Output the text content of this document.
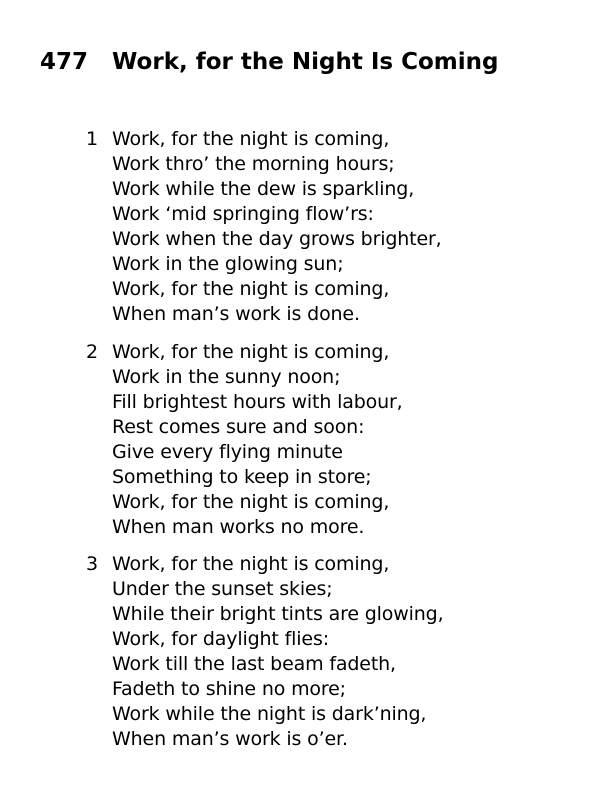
477 Work, for the Night Is Coming
1 Work, for the night is coming,
Work thro’ the morning hours;
Work while the dew is sparkling,
Work ‘mid springing flow’rs:
Work when the day grows brighter,
Work in the glowing sun;
Work, for the night is coming,
When man’s work is done.
2 Work, for the night is coming,
Work in the sunny noon;
Fill brightest hours with labour,
Rest comes sure and soon:
Give every flying minute
Something to keep in store;
Work, for the night is coming,
When man works no more.
3 Work, for the night is coming,
Under the sunset skies;
While their bright tints are glowing,
Work, for daylight flies:
Work till the last beam fadeth,
Fadeth to shine no more;
Work while the night is dark’ning,
When man’s work is o’er.
